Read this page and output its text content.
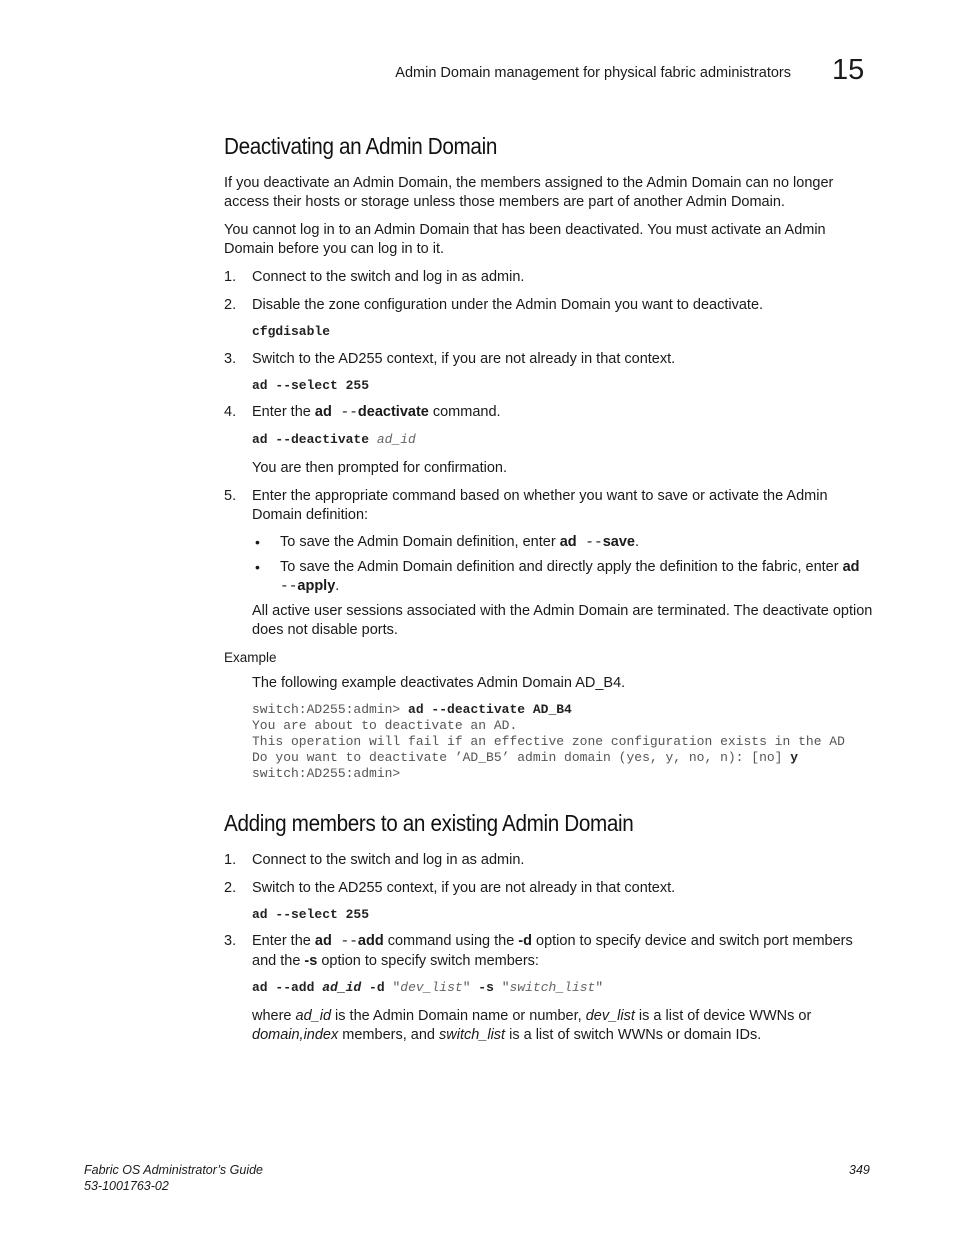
Admin Domain management for physical fabric administrators 15
Deactivating an Admin Domain
If you deactivate an Admin Domain, the members assigned to the Admin Domain can no longer access their hosts or storage unless those members are part of another Admin Domain.
You cannot log in to an Admin Domain that has been deactivated. You must activate an Admin Domain before you can log in to it.
1. Connect to the switch and log in as admin.
2. Disable the zone configuration under the Admin Domain you want to deactivate.
cfgdisable
3. Switch to the AD255 context, if you are not already in that context.
ad --select 255
4. Enter the ad --deactivate command.
ad --deactivate ad_id
You are then prompted for confirmation.
5. Enter the appropriate command based on whether you want to save or activate the Admin Domain definition:
• To save the Admin Domain definition, enter ad --save.
• To save the Admin Domain definition and directly apply the definition to the fabric, enter ad --apply.
All active user sessions associated with the Admin Domain are terminated. The deactivate option does not disable ports.
Example
The following example deactivates Admin Domain AD_B4.
switch:AD255:admin> ad --deactivate AD_B4
You are about to deactivate an AD.
This operation will fail if an effective zone configuration exists in the AD
Do you want to deactivate ’AD_B5’ admin domain (yes, y, no, n): [no] y
switch:AD255:admin>
Adding members to an existing Admin Domain
1. Connect to the switch and log in as admin.
2. Switch to the AD255 context, if you are not already in that context.
ad --select 255
3. Enter the ad --add command using the -d option to specify device and switch port members and the -s option to specify switch members:
ad --add ad_id -d "dev_list" -s "switch_list"
where ad_id is the Admin Domain name or number, dev_list is a list of device WWNs or domain,index members, and switch_list is a list of switch WWNs or domain IDs.
Fabric OS Administrator’s Guide
53-1001763-02
349
